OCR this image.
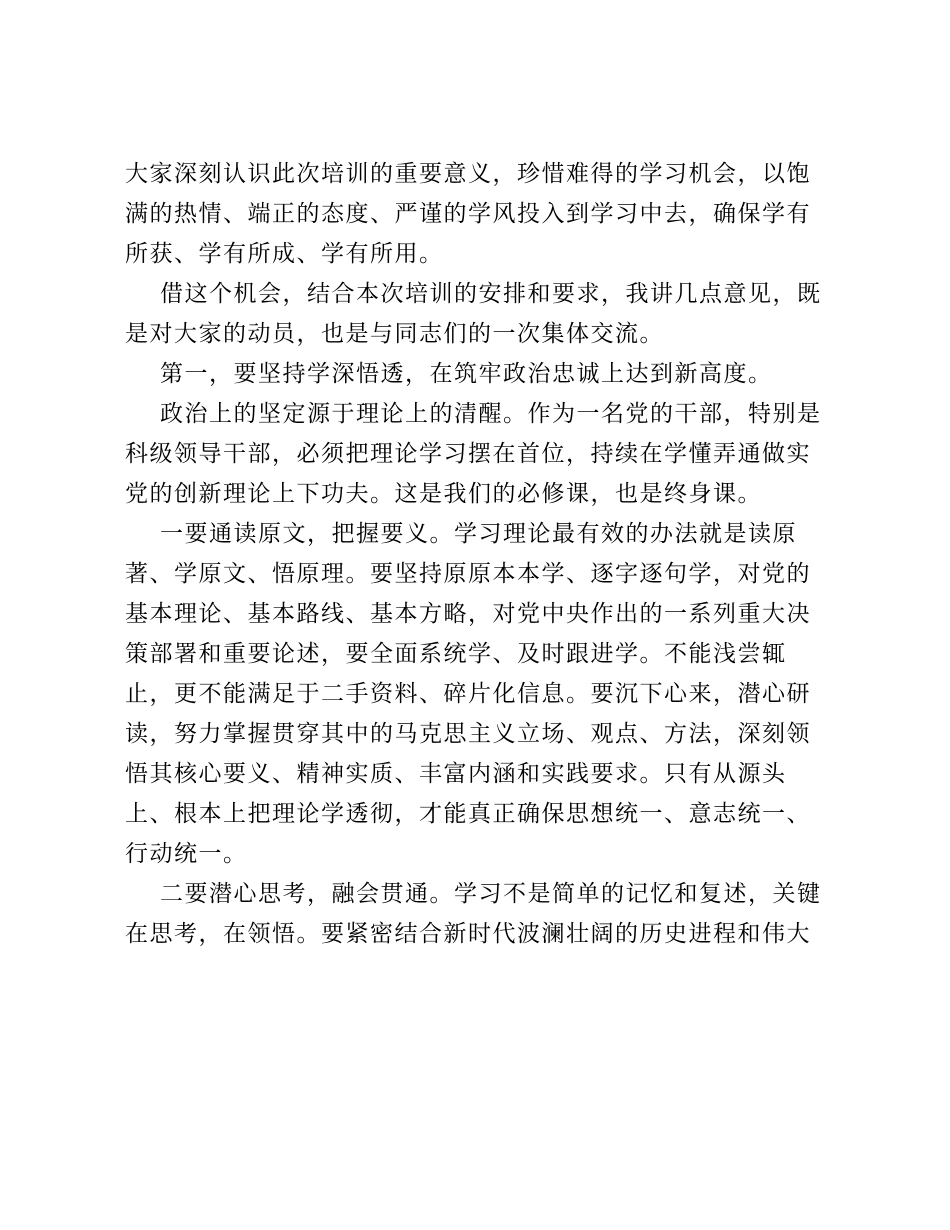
大家深刻认识此次培训的重要意义，珍惜难得的学习机会，以饱
满的热情、端正的态度、严谨的学风投入到学习中去，确保学有
所获、学有所成、学有所用。
借这个机会，结合本次培训的安排和要求，我讲几点意见，既
是对大家的动员，也是与同志们的一次集体交流。
第一，要坚持学深悟透，在筑牢政治忠诚上达到新高度。
政治上的坚定源于理论上的清醒。作为一名党的干部，特别是
科级领导干部，必须把理论学习摆在首位，持续在学懂弄通做实
党的创新理论上下功夫。这是我们的必修课，也是终身课。
一要通读原文，把握要义。学习理论最有效的办法就是读原
著、学原文、悟原理。要坚持原原本本学、逐字逐句学，对党的
基本理论、基本路线、基本方略，对党中央作出的一系列重大决
策部署和重要论述，要全面系统学、及时跟进学。不能浅尝辄
止，更不能满足于二手资料、碎片化信息。要沉下心来，潜心研
读，努力掌握贯穿其中的马克思主义立场、观点、方法，深刻领
悟其核心要义、精神实质、丰富内涵和实践要求。只有从源头
上、根本上把理论学透彻，才能真正确保思想统一、意志统一、
行动统一。
二要潜心思考，融会贯通。学习不是简单的记忆和复述，关键
在思考，在领悟。要紧密结合新时代波澜壮阔的历史进程和伟大
